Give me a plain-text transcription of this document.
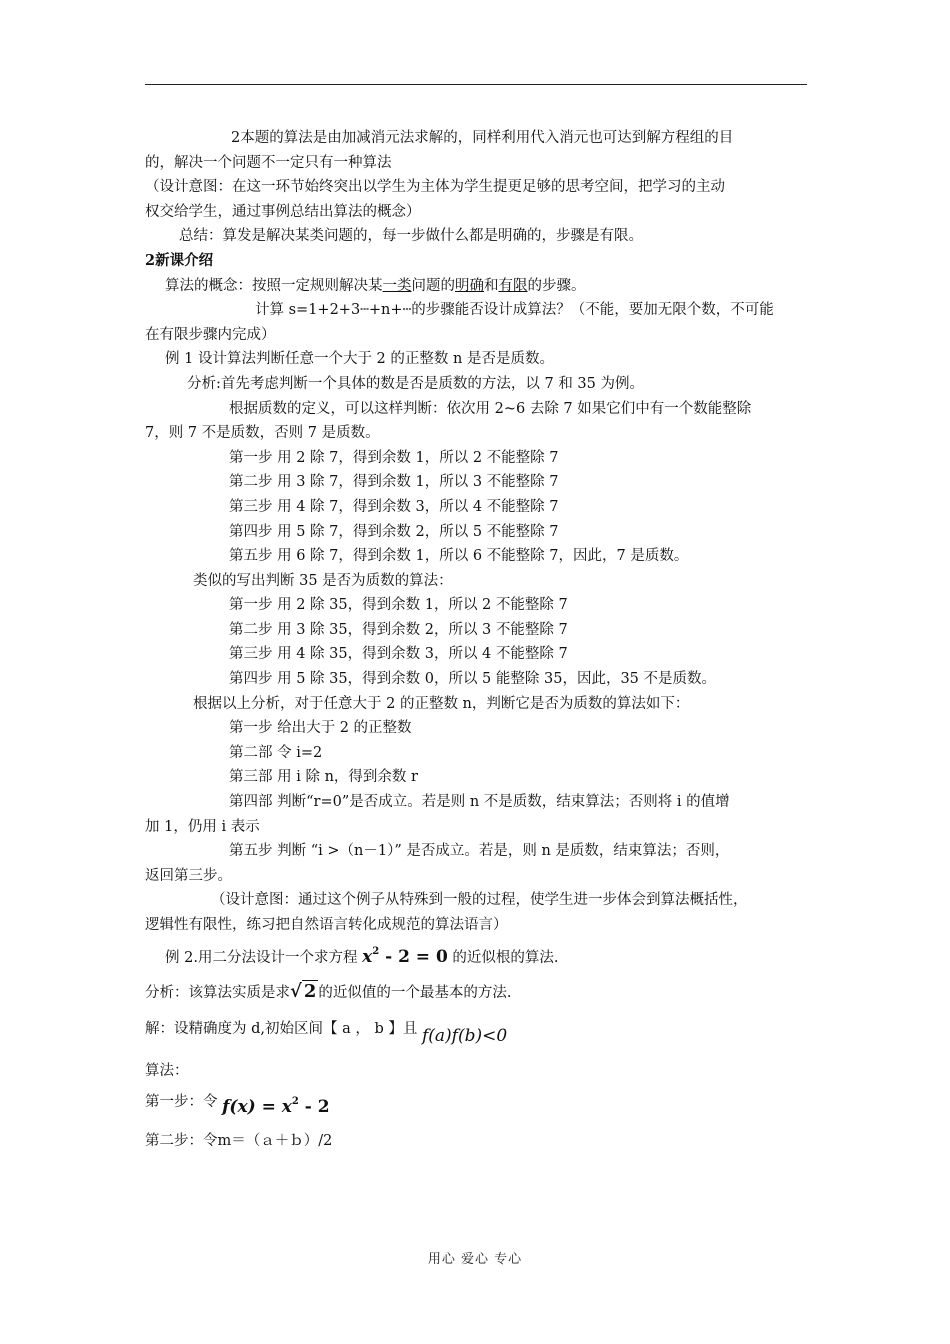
2本题的算法是由加减消元法求解的，同样利用代入消元也可达到解方程组的目

的，解决一个问题不一定只有一种算法

（设计意图：在这一环节始终突出以学生为主体为学生提更足够的思考空间，把学习的主动

权交给学生，通过事例总结出算法的概念）

总结：算发是解决某类问题的，每一步做什么都是明确的，步骤是有限。

2新课介绍

算法的概念：按照一定规则解决某一类问题的明确和有限的步骤。

计算 s=1+2+3┄+n+┄的步骤能否设计成算法？（不能，要加无限个数，不可能

在有限步骤内完成）

例 1 设计算法判断任意一个大于 2 的正整数 n 是否是质数。

分析:首先考虑判断一个具体的数是否是质数的方法，以 7 和 35 为例。

根据质数的定义，可以这样判断：依次用 2~6 去除 7 如果它们中有一个数能整除

7，则 7 不是质数，否则 7 是质数。

第一步 用 2 除 7，得到余数 1，所以 2 不能整除 7

第二步 用 3 除 7，得到余数 1，所以 3 不能整除 7

第三步 用 4 除 7，得到余数 3，所以 4 不能整除 7

第四步 用 5 除 7，得到余数 2，所以 5 不能整除 7

第五步 用 6 除 7，得到余数 1，所以 6 不能整除 7，因此，7 是质数。

类似的写出判断 35 是否为质数的算法：

第一步 用 2 除 35，得到余数 1，所以 2 不能整除 7

第二步 用 3 除 35，得到余数 2，所以 3 不能整除 7

第三步 用 4 除 35，得到余数 3，所以 4 不能整除 7

第四步 用 5 除 35，得到余数 0，所以 5 能整除 35，因此，35 不是质数。

根据以上分析，对于任意大于 2 的正整数 n，判断它是否为质数的算法如下：

第一步 给出大于 2 的正整数

第二部 令 i=2

第三部 用 i 除 n，得到余数 r

第四部 判断“r=0”是否成立。若是则 n 不是质数，结束算法；否则将 i 的值增

加 1，仍用 i 表示

第五步 判断 “i >（n－1）” 是否成立。若是，则 n 是质数，结束算法；否则，

返回第三步。

（设计意图：通过这个例子从特殊到一般的过程，使学生进一步体会到算法概括性，

逻辑性有限性，练习把自然语言转化成规范的算法语言）

例 2.用二分法设计一个求方程 $x^2 - 2 = 0$ 的近似根的算法.

分析：该算法实质是求√ 2 的近似值的一个最基本的方法.

解：设精确度为 d,初始区间【 a ， b 】且 f(a)f(b)<0

算法：

第一步：令 $f(x) = x^2 - 2$

第二步：令m＝（ａ＋ｂ）/2

用心 爱心 专心
